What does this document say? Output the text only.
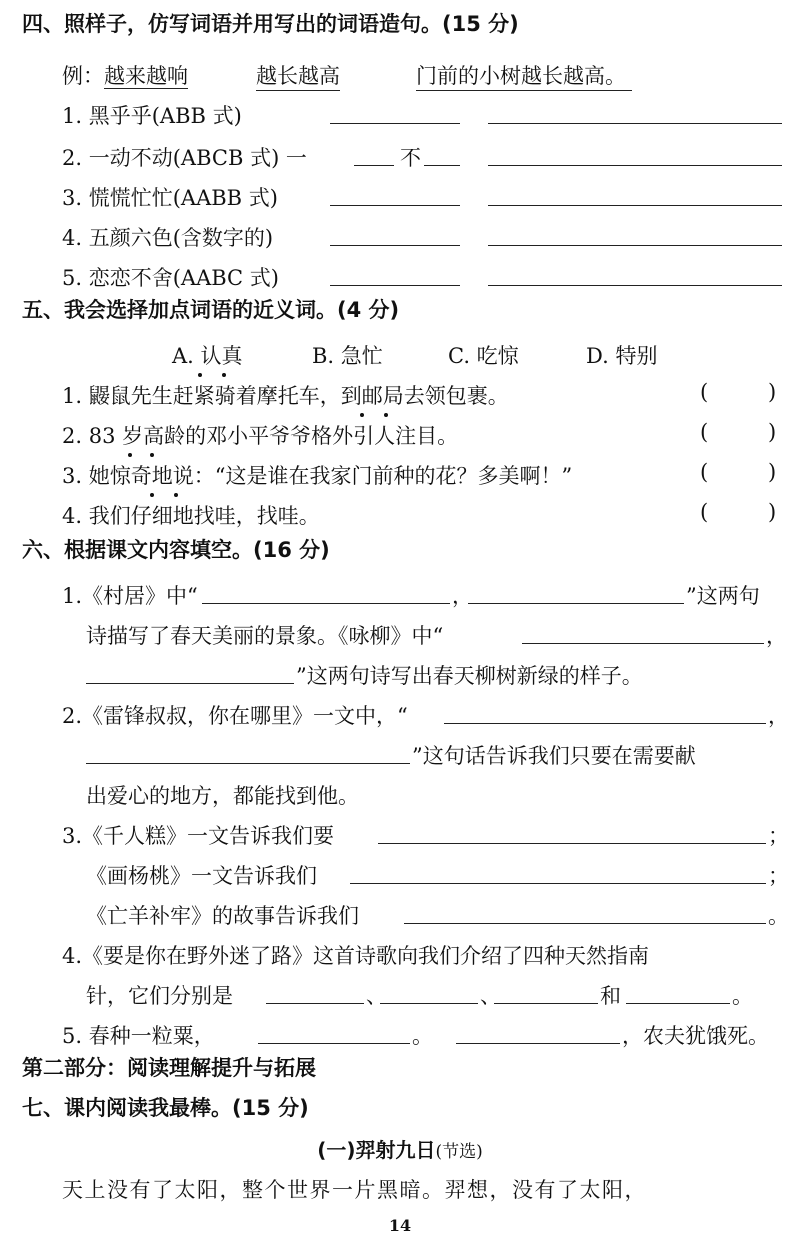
四、照样子，仿写词语并用写出的词语造句。(15 分)
例：越来越响	越长越高	门前的小树越长越高。
1. 黑乎乎(ABB 式)
2. 一动不动(ABCB 式) 一	不
3. 慌慌忙忙(AABB 式)
4. 五颜六色(含数字的)
5. 恋恋不舍(AABC 式)
五、我会选择加点词语的近义词。(4 分)
A. 认真	B. 急忙	C. 吃惊	D. 特别
1. 鼹鼠先生赶紧骑着摩托车，到邮局去领包裹。	(	)
2. 83 岁高龄的邓小平爷爷格外引人注目。	(	)
3. 她惊奇地说：“这是谁在我家门前种的花？多美啊！”	(	)
4. 我们仔细地找哇，找哇。	(	)
六、根据课文内容填空。(16 分)
1.《村居》中“	，	”这两句
诗描写了春天美丽的景象。《咏柳》中“	，
”这两句诗写出春天柳树新绿的样子。
2.《雷锋叔叔，你在哪里》一文中，“	，
”这句话告诉我们只要在需要献
出爱心的地方，都能找到他。
3.《千人糕》一文告诉我们要	；
《画杨桃》一文告诉我们	；
《亡羊补牢》的故事告诉我们	。
4.《要是你在野外迷了路》这首诗歌向我们介绍了四种天然指南
针，它们分别是	、	、	和	。
5. 春种一粒粟，	。	，农夫犹饿死。
第二部分：阅读理解提升与拓展
七、课内阅读我最棒。(15 分)
(一)羿射九日(节选)
天上没有了太阳，整个世界一片黑暗。羿想，没有了太阳，
14
